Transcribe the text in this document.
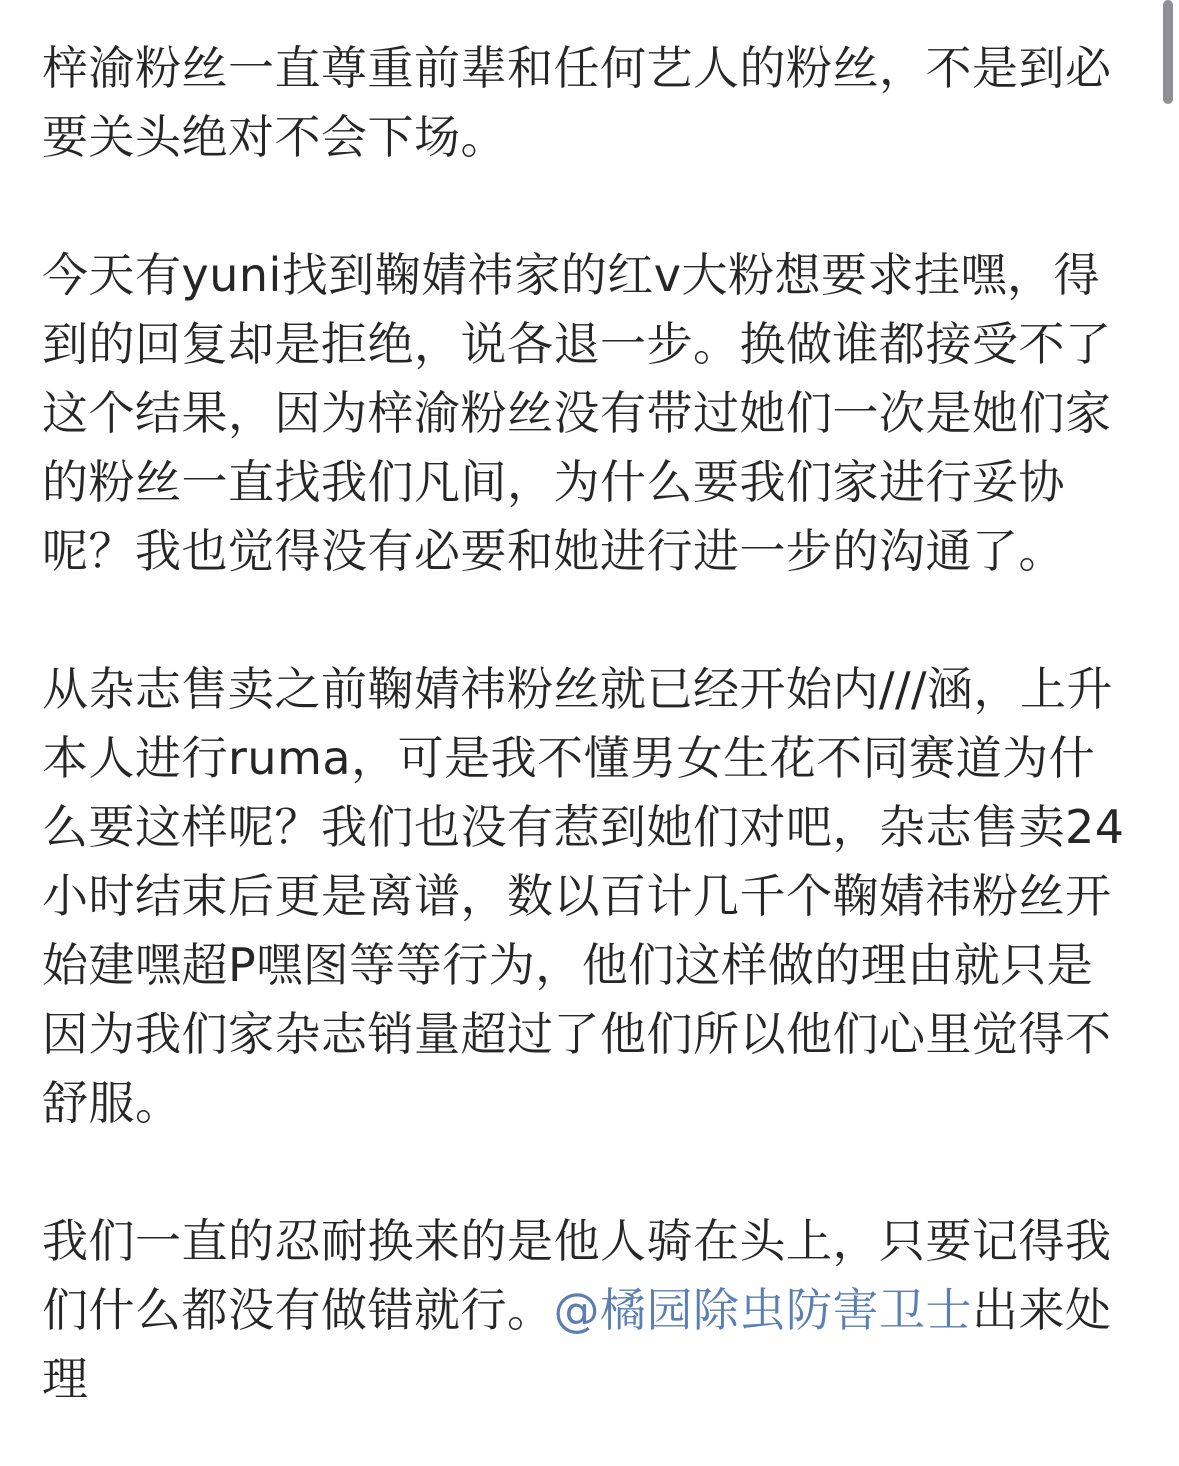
梓渝粉丝一直尊重前辈和任何艺人的粉丝，不是到必要关头绝对不会下场。

今天有yuni找到鞠婧祎家的红v大粉想要求挂嘿，得到的回复却是拒绝，说各退一步。换做谁都接受不了这个结果，因为梓渝粉丝没有带过她们一次是她们家的粉丝一直找我们凡间，为什么要我们家进行妥协呢？我也觉得没有必要和她进行进一步的沟通了。

从杂志售卖之前鞠婧祎粉丝就已经开始内///涵，上升本人进行ruma，可是我不懂男女生花不同赛道为什么要这样呢？我们也没有惹到她们对吧，杂志售卖24小时结束后更是离谱，数以百计几千个鞠婧祎粉丝开始建嘿超P嘿图等等行为，他们这样做的理由就只是因为我们家杂志销量超过了他们所以他们心里觉得不舒服。

我们一直的忍耐换来的是他人骑在头上，只要记得我们什么都没有做错就行。@橘园除虫防害卫士出来处理
